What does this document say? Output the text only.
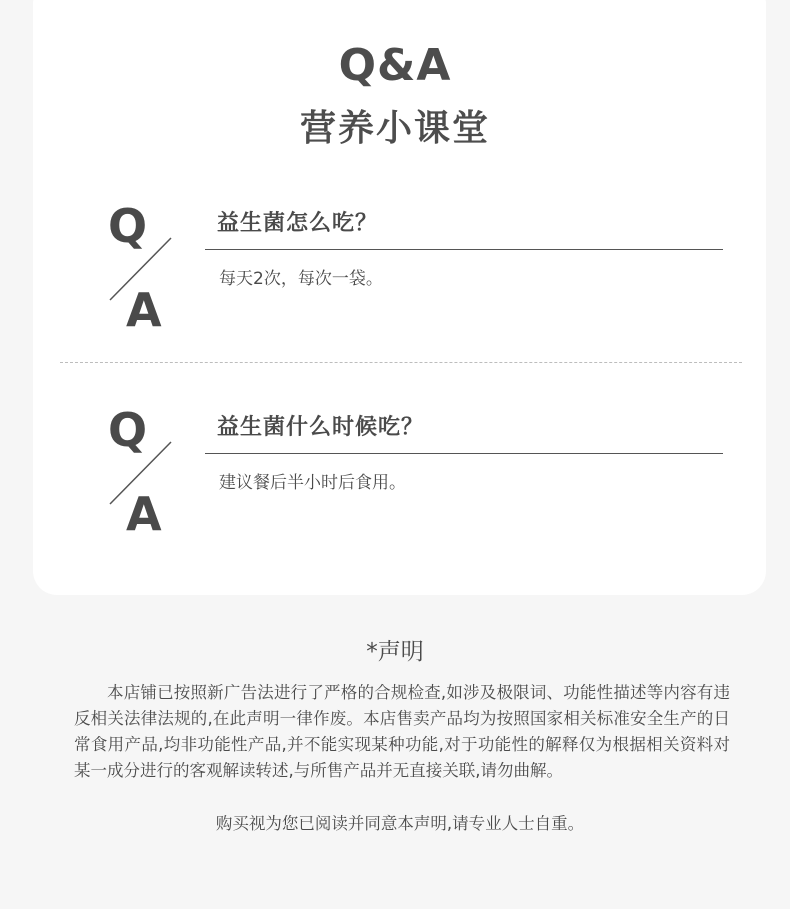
Q&A
营养小课堂
Q
A
益生菌怎么吃？
每天2次，每次一袋。
Q
A
益生菌什么时候吃？
建议餐后半小时后食用。
*声明

本店铺已按照新广告法进行了严格的合规检查,如涉及极限词、功能性描述等内容有违反相关法律法规的,在此声明一律作废。本店售卖产品均为按照国家相关标准安全生产的日常食用产品,均非功能性产品,并不能实现某种功能,对于功能性的解释仅为根据相关资料对某一成分进行的客观解读转述,与所售产品并无直接关联,请勿曲解。

购买视为您已阅读并同意本声明,请专业人士自重。
